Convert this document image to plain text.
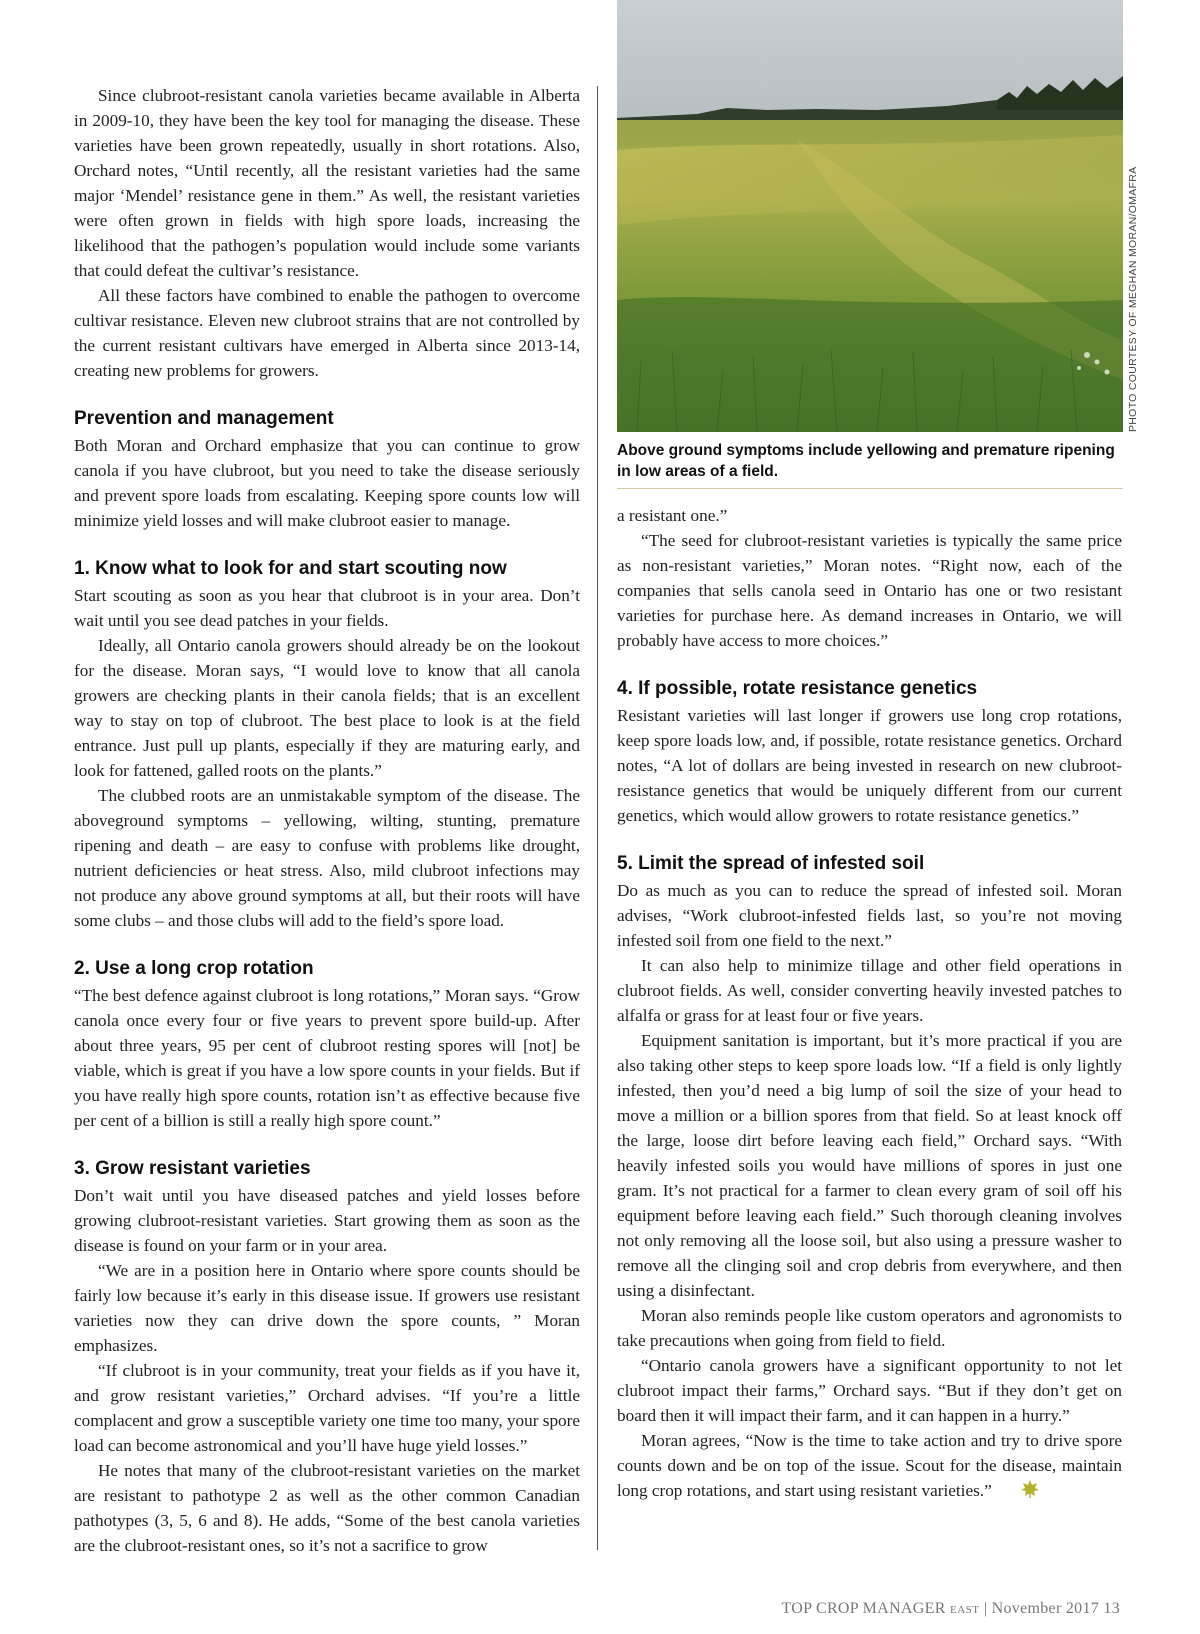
Since clubroot-resistant canola varieties became available in Alberta in 2009-10, they have been the key tool for managing the disease. These varieties have been grown repeatedly, usually in short rotations. Also, Orchard notes, “Until recently, all the resistant varieties had the same major ‘Mendel’ resistance gene in them.” As well, the resistant varieties were often grown in fields with high spore loads, increasing the likelihood that the pathogen’s population would include some variants that could defeat the cultivar’s resistance.

All these factors have combined to enable the pathogen to overcome cultivar resistance. Eleven new clubroot strains that are not controlled by the current resistant cultivars have emerged in Alberta since 2013-14, creating new problems for growers.

Prevention and management

Both Moran and Orchard emphasize that you can continue to grow canola if you have clubroot, but you need to take the disease seriously and prevent spore loads from escalating. Keeping spore counts low will minimize yield losses and will make clubroot easier to manage.

1. Know what to look for and start scouting now

Start scouting as soon as you hear that clubroot is in your area. Don’t wait until you see dead patches in your fields.

Ideally, all Ontario canola growers should already be on the lookout for the disease. Moran says, “I would love to know that all canola growers are checking plants in their canola fields; that is an excellent way to stay on top of clubroot. The best place to look is at the field entrance. Just pull up plants, especially if they are maturing early, and look for fattened, galled roots on the plants.”

The clubbed roots are an unmistakable symptom of the disease. The aboveground symptoms – yellowing, wilting, stunting, premature ripening and death – are easy to confuse with problems like drought, nutrient deficiencies or heat stress. Also, mild clubroot infections may not produce any above ground symptoms at all, but their roots will have some clubs – and those clubs will add to the field’s spore load.

2. Use a long crop rotation

“The best defence against clubroot is long rotations,” Moran says. “Grow canola once every four or five years to prevent spore build-up. After about three years, 95 per cent of clubroot resting spores will [not] be viable, which is great if you have a low spore counts in your fields. But if you have really high spore counts, rotation isn’t as effective because five per cent of a billion is still a really high spore count.”

3. Grow resistant varieties

Don’t wait until you have diseased patches and yield losses before growing clubroot-resistant varieties. Start growing them as soon as the disease is found on your farm or in your area.

“We are in a position here in Ontario where spore counts should be fairly low because it’s early in this disease issue. If growers use resistant varieties now they can drive down the spore counts, ” Moran emphasizes.

“If clubroot is in your community, treat your fields as if you have it, and grow resistant varieties,” Orchard advises. “If you’re a little complacent and grow a susceptible variety one time too many, your spore load can become astronomical and you’ll have huge yield losses.”

He notes that many of the clubroot-resistant varieties on the market are resistant to pathotype 2 as well as the other common Canadian pathotypes (3, 5, 6 and 8). He adds, “Some of the best canola varieties are the clubroot-resistant ones, so it’s not a sacrifice to grow

PHOTO COURTESY OF MEGHAN MORAN/OMAFRA
Above ground symptoms include yellowing and premature ripening in low areas of a field.

a resistant one.”

“The seed for clubroot-resistant varieties is typically the same price as non-resistant varieties,” Moran notes. “Right now, each of the companies that sells canola seed in Ontario has one or two resistant varieties for purchase here. As demand increases in Ontario, we will probably have access to more choices.”

4. If possible, rotate resistance genetics

Resistant varieties will last longer if growers use long crop rotations, keep spore loads low, and, if possible, rotate resistance genetics. Orchard notes, “A lot of dollars are being invested in research on new clubroot-resistance genetics that would be uniquely different from our current genetics, which would allow growers to rotate resistance genetics.”

5. Limit the spread of infested soil

Do as much as you can to reduce the spread of infested soil. Moran advises, “Work clubroot-infested fields last, so you’re not moving infested soil from one field to the next.”

It can also help to minimize tillage and other field operations in clubroot fields. As well, consider converting heavily invested patches to alfalfa or grass for at least four or five years.

Equipment sanitation is important, but it’s more practical if you are also taking other steps to keep spore loads low. “If a field is only lightly infested, then you’d need a big lump of soil the size of your head to move a million or a billion spores from that field. So at least knock off the large, loose dirt before leaving each field,” Orchard says. “With heavily infested soils you would have millions of spores in just one gram. It’s not practical for a farmer to clean every gram of soil off his equipment before leaving each field.” Such thorough cleaning involves not only removing all the loose soil, but also using a pressure washer to remove all the clinging soil and crop debris from everywhere, and then using a disinfectant.

Moran also reminds people like custom operators and agronomists to take precautions when going from field to field.

“Ontario canola growers have a significant opportunity to not let clubroot impact their farms,” Orchard says. “But if they don’t get on board then it will impact their farm, and it can happen in a hurry.”

Moran agrees, “Now is the time to take action and try to drive spore counts down and be on top of the issue. Scout for the disease, maintain long crop rotations, and start using resistant varieties.”

TOP CROP MANAGER EAST | November 2017 13
